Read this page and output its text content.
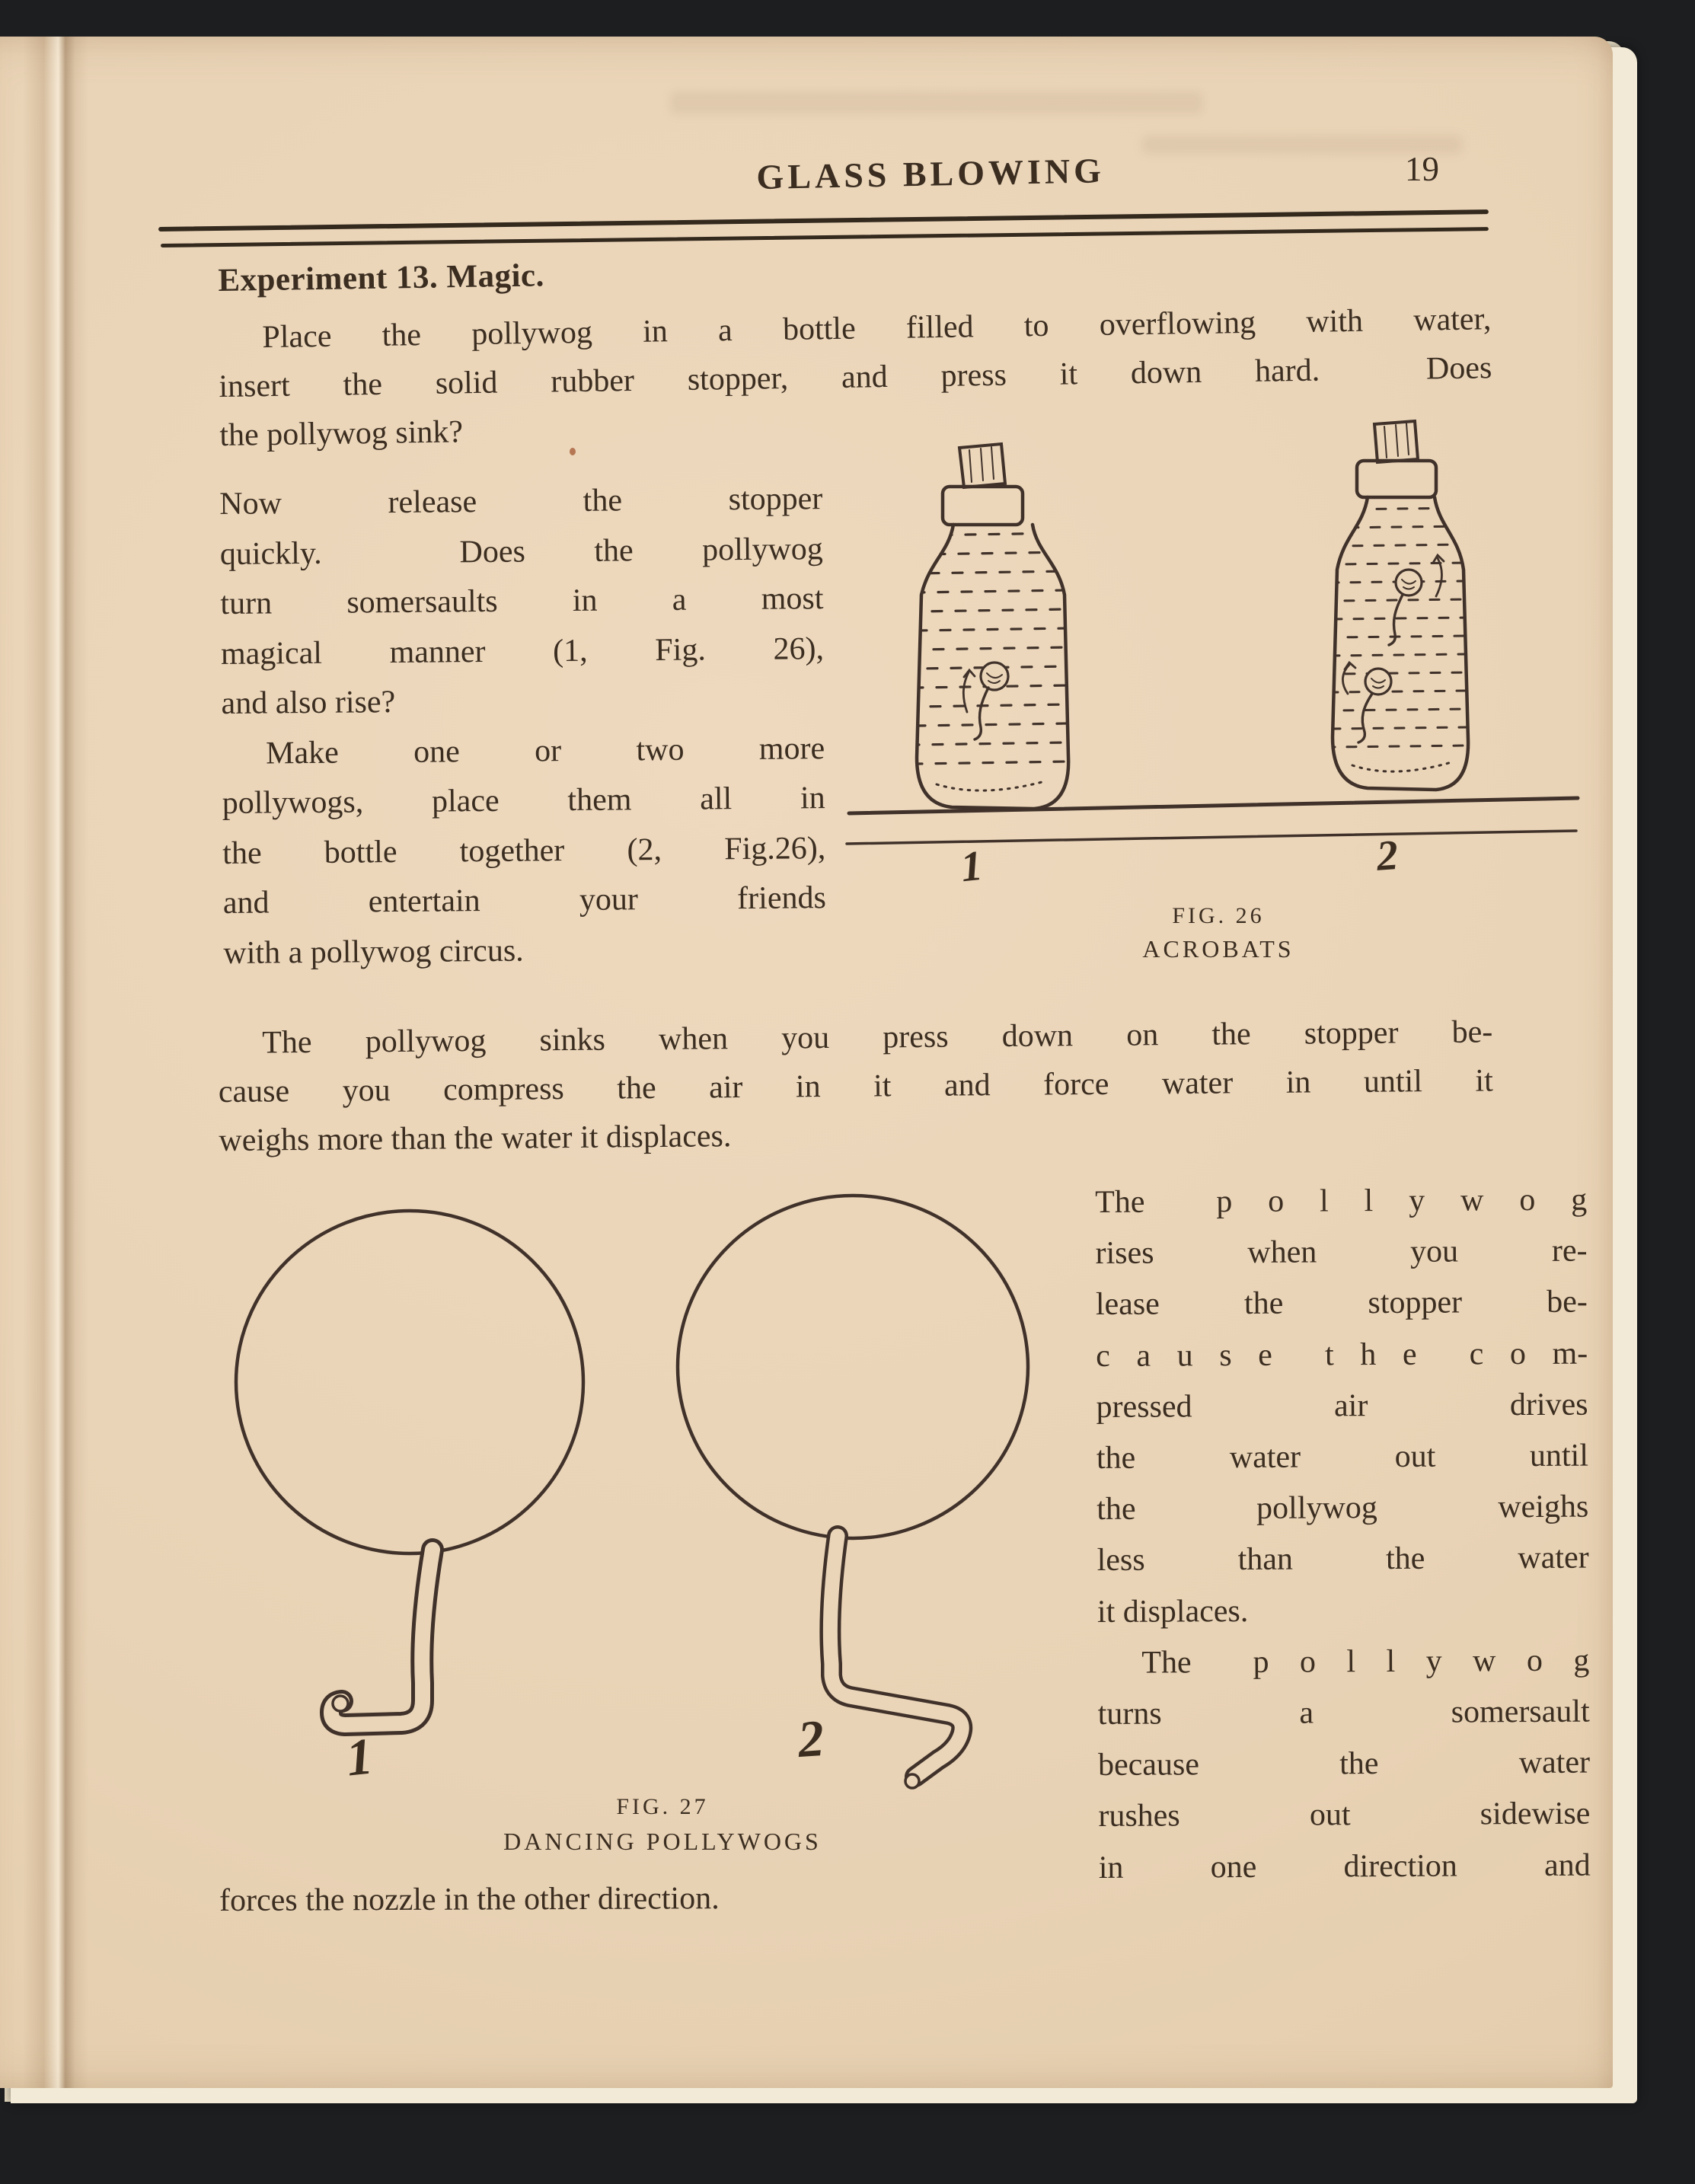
GLASS BLOWING	19
Experiment 13. Magic.
Place the pollywog in a bottle filled to overflowing with water,
insert the solid rubber stopper, and press it down hard.  Does
the pollywog sink?
Now release the stopper
quickly.  Does the pollywog
turn somersaults in a most
magical manner (1, Fig. 26),
and also rise?
Make one or two more
pollywogs, place them all in
the bottle together (2, Fig.26),
and entertain your friends
with a pollywog circus.
1	2
FIG. 26
ACROBATS
The pollywog sinks when you press down on the stopper be-
cause you compress the air in it and force water in until it
weighs more than the water it displaces.
1	2
FIG. 27
DANCING POLLYWOGS
The  p o l l y w o g
rises when you re-
lease the stopper be-
c a u s e  t h e  c o m-
pressed air drives
the water out until
the pollywog weighs
less than the water
it displaces.
The  p o l l y w o g
turns a somersault
because the water
rushes out sidewise
in one direction and
forces the nozzle in the other direction.
